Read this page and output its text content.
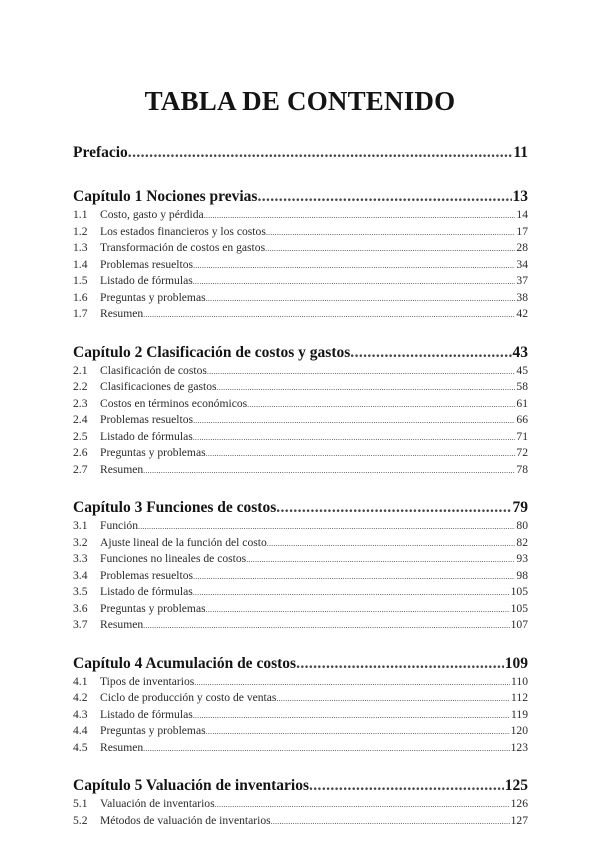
TABLA DE CONTENIDO
Prefacio .....	11
Capítulo 1 Nociones previas .....	13
1.1	Costo, gasto y pérdida .....	14
1.2	Los estados financieros y los costos .....	17
1.3	Transformación de costos en gastos .....	28
1.4	Problemas resueltos .....	34
1.5	Listado de fórmulas .....	37
1.6	Preguntas y problemas .....	38
1.7	Resumen .....	42
Capítulo 2 Clasificación de costos y gastos .....	43
2.1	Clasificación de costos .....	45
2.2	Clasificaciones de gastos .....	58
2.3	Costos en términos económicos .....	61
2.4	Problemas resueltos .....	66
2.5	Listado de fórmulas .....	71
2.6	Preguntas y problemas .....	72
2.7	Resumen .....	78
Capítulo 3 Funciones de costos .....	79
3.1	Función .....	80
3.2	Ajuste lineal de la función del costo .....	82
3.3	Funciones no lineales de costos .....	93
3.4	Problemas resueltos .....	98
3.5	Listado de fórmulas .....	105
3.6	Preguntas y problemas .....	105
3.7	Resumen .....	107
Capítulo 4 Acumulación de costos .....	109
4.1	Tipos de inventarios .....	110
4.2	Ciclo de producción y costo de ventas .....	112
4.3	Listado de fórmulas .....	119
4.4	Preguntas y problemas .....	120
4.5	Resumen .....	123
Capítulo 5 Valuación de inventarios .....	125
5.1	Valuación de inventarios .....	126
5.2	Métodos de valuación de inventarios .....	127
